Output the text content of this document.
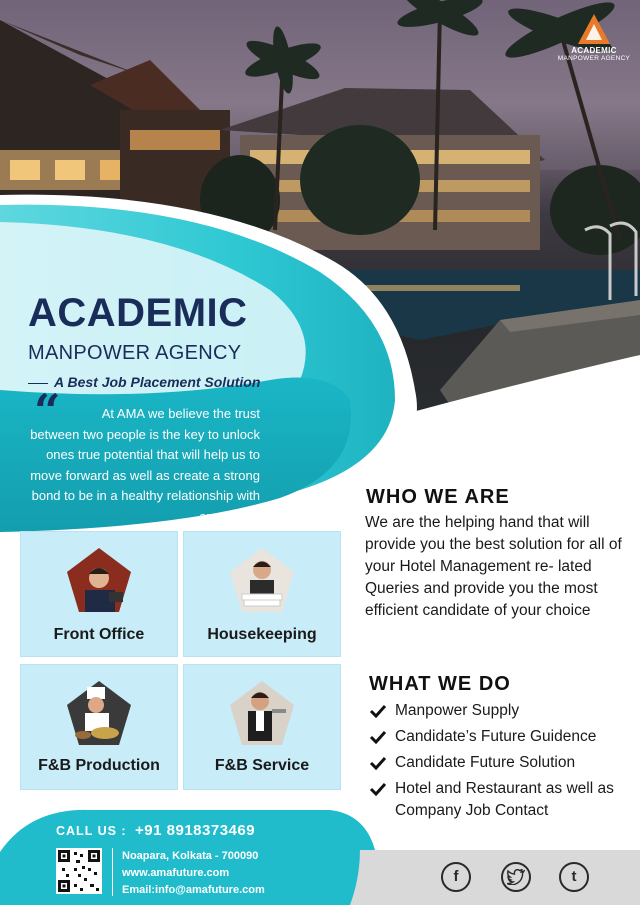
ACADEMIC
MANPOWER AGENCY
ACADEMIC
MANPOWER AGENCY
A Best Job Placement Solution
“	At AMA we believe the trust between two people is the key to unlock ones true potential that will help us to move forward as well as create a strong bond to be in a healthy relationship with open mind
Front Office	Housekeeping
F&B Production	F&B Service
WHO WE ARE
We are the helping hand that will provide you the best solution for all of your Hotel Management re- lated Queries and provide you the most efficient candidate of your choice
WHAT WE DO
Manpower Supply
Candidate’s Future Guidence
Candidate Future Solution
Hotel and Restaurant as well as Company Job Contact
CALL US : +91 8918373469
Noapara, Kolkata - 700090
www.amafuture.com
Email:info@amafuture.com
f	t
